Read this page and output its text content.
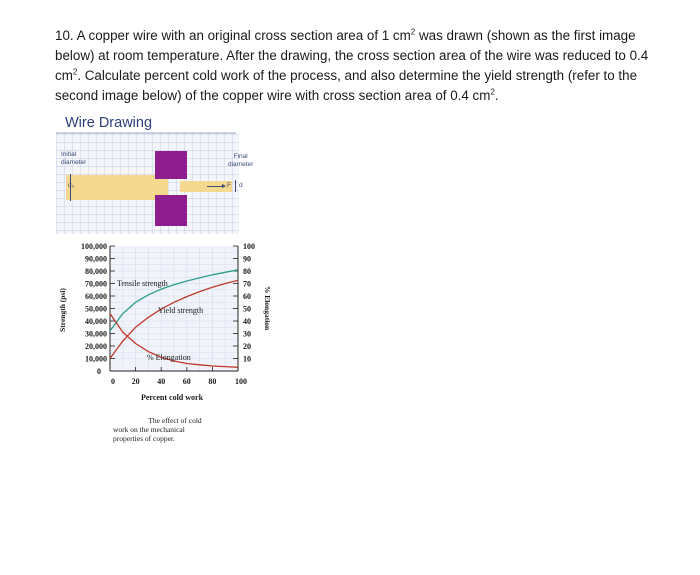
10. A copper wire with an original cross section area of 1 $cm^2$ was drawn (shown as the first image below) at room temperature. After the drawing, the cross section area of the wire was reduced to 0.4 $cm^2$. Calculate percent cold work of the process, and also determine the yield strength (refer to the second image below) of the copper wire with cross section area of 0.4 $cm^2$.
Wire Drawing
Initial
diameter
Final
diameter
F
d₀	d
0
10,000
20,000
30,000
40,000
50,000
60,000
70,000
80,000
90,000
100,000
10
20
30
40
50
60
70
80
90
100
0 20 40 60 80 100
Tensile strength
Yield strength
% Elongation
Strength (psi)	% Elongation
Percent cold work
The effect of cold
work on the mechanical
properties of copper.
